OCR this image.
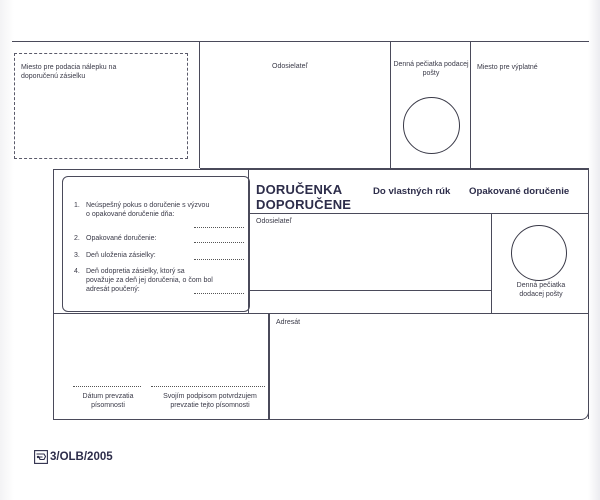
Miesto pre podacia nálepku na doporučenú zásielku
Odosielateľ	Denná pečiatka podacej pošty
Miesto pre výplatné
1. Neúspešný pokus o doručenie s výzvou o opakované doručenie dňa:
2. Opakované doručenie:
3. Deň uloženia zásielky:
4. Deň odopretia zásielky, ktorý sa považuje za deň jej doručenia, o čom bol adresát poučený:
DORUČENKA
DOPORUČENE
Do vlastných rúk Opakované doručenie
Odosielateľ
Denná pečiatka dodacej pošty
Adresát
Dátum prevzatia písomnosti
Svojím podpisom potvrdzujem prevzatie tejto písomnosti
3/OLB/2005
